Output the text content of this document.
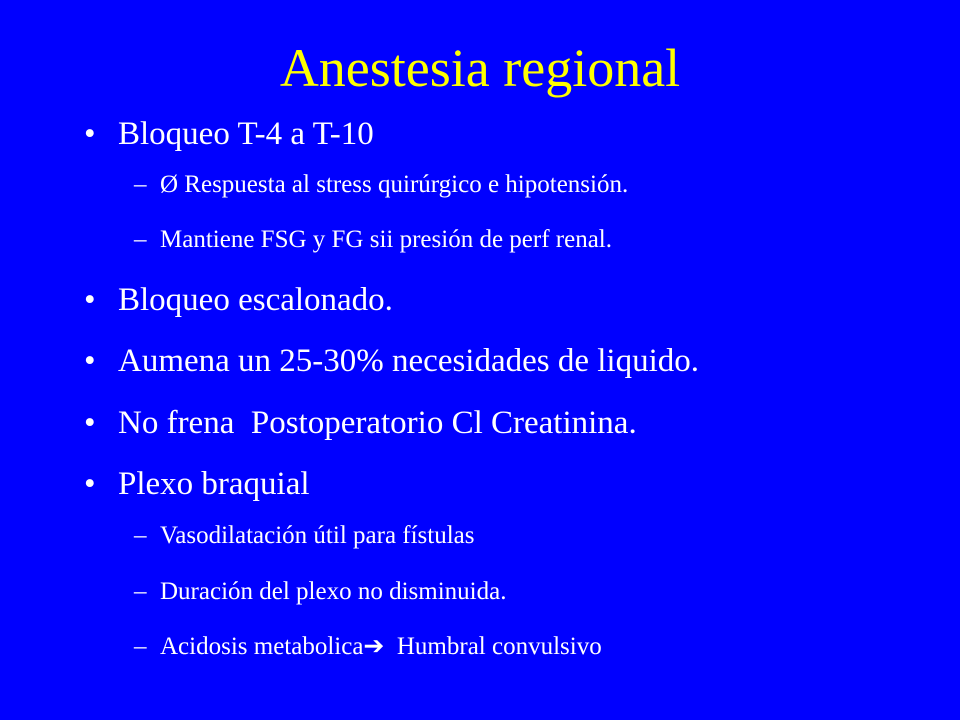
Anestesia regional
• Bloqueo T-4 a T-10
– Ø Respuesta al stress quirúrgico e hipotensión.
– Mantiene FSG y FG sii presión de perf renal.
• Bloqueo escalonado.
• Aumena un 25-30% necesidades de liquido.
• No frena Postoperatorio Cl Creatinina.
• Plexo braquial
– Vasodilatación útil para fístulas
– Duración del plexo no disminuida.
– Acidosis metabolica➔ Humbral convulsivo
